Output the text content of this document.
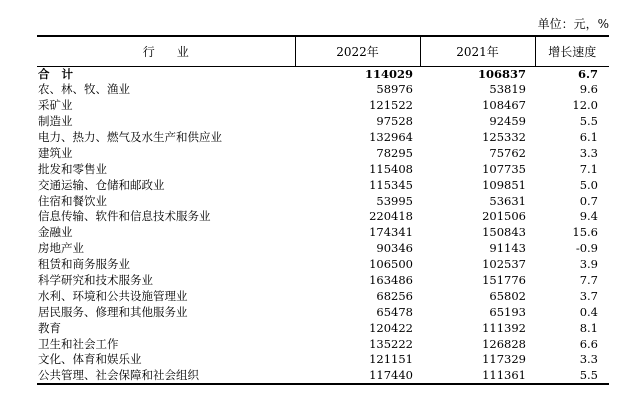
单位：元，%
行业	2022年	2021年	增长速度
合计	114029	106837	6.7
农、林、牧、渔业	58976	53819	9.6
采矿业	121522	108467	12.0
制造业	97528	92459	5.5
电力、热力、燃气及水生产和供应业	132964	125332	6.1
建筑业	78295	75762	3.3
批发和零售业	115408	107735	7.1
交通运输、仓储和邮政业	115345	109851	5.0
住宿和餐饮业	53995	53631	0.7
信息传输、软件和信息技术服务业	220418	201506	9.4
金融业	174341	150843	15.6
房地产业	90346	91143	-0.9
租赁和商务服务业	106500	102537	3.9
科学研究和技术服务业	163486	151776	7.7
水利、环境和公共设施管理业	68256	65802	3.7
居民服务、修理和其他服务业	65478	65193	0.4
教育	120422	111392	8.1
卫生和社会工作	135222	126828	6.6
文化、体育和娱乐业	121151	117329	3.3
公共管理、社会保障和社会组织	117440	111361	5.5
